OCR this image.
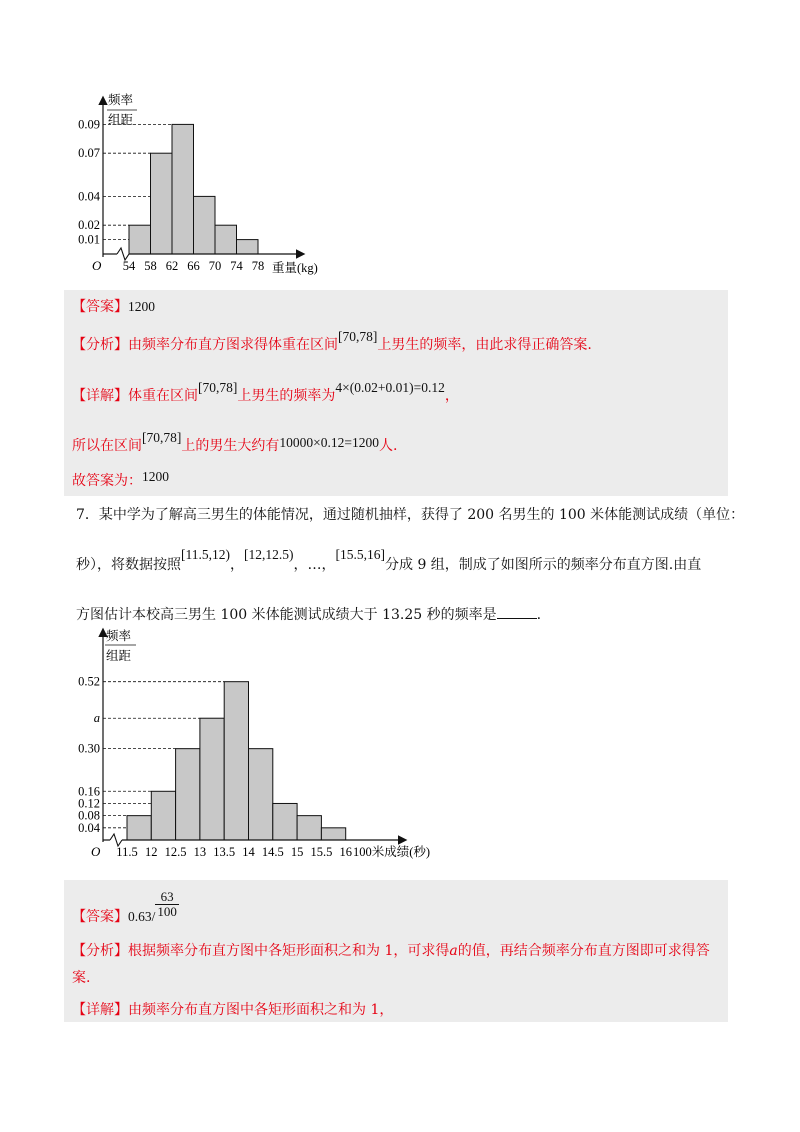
频率
组距
O	重量(kg)
0.09
0.07
0.04
0.02
0.01
54 58 62 66 70 74 78
【答案】1200
【分析】由频率分布直方图求得体重在区间[70,78]上男生的频率，由此求得正确答案.
【详解】体重在区间[70,78]上男生的频率为4×(0.02+0.01)=0.12，
所以在区间[70,78]上的男生大约有10000×0.12=1200人.
故答案为：1200
7．某中学为了解高三男生的体能情况，通过随机抽样，获得了 200 名男生的 100 米体能测试成绩（单位：
秒），将数据按照[11.5,12)，[12,12.5)，…，[15.5,16]分成 9 组，制成了如图所示的频率分布直方图.由直
方图估计本校高三男生 100 米体能测试成绩大于 13.25 秒的频率是	.
频率
组距
O	100米成绩(秒)
0.52
a
0.30
0.16
0.12
0.08
0.04
11.5 12 12.5 13 13.5 14 14.5 15 15.5 16
【答案】$0.63/ \frac{63}{100}$
【分析】根据频率分布直方图中各矩形面积之和为 1，可求得a的值，再结合频率分布直方图即可求得答
案.
【详解】由频率分布直方图中各矩形面积之和为 1，
